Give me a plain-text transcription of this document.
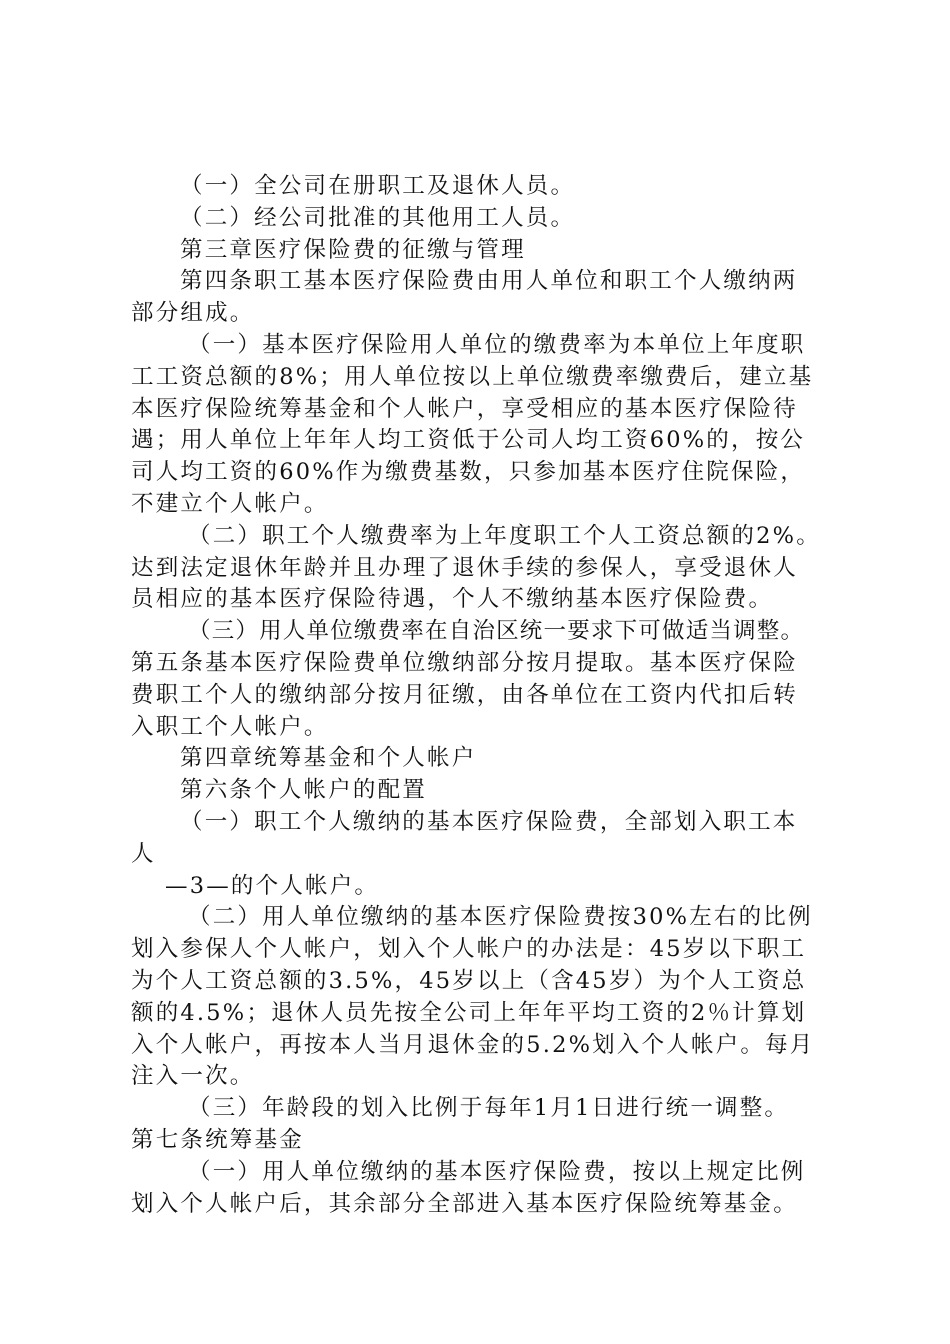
（一）全公司在册职工及退休人员。
（二）经公司批准的其他用工人员。
第三章医疗保险费的征缴与管理
第四条职工基本医疗保险费由用人单位和职工个人缴纳两
部分组成。
（一）基本医疗保险用人单位的缴费率为本单位上年度职
工工资总额的8%；用人单位按以上单位缴费率缴费后，建立基
本医疗保险统筹基金和个人帐户，享受相应的基本医疗保险待
遇；用人单位上年年人均工资低于公司人均工资60%的，按公
司人均工资的60%作为缴费基数，只参加基本医疗住院保险，
不建立个人帐户。
（二）职工个人缴费率为上年度职工个人工资总额的2%。
达到法定退休年龄并且办理了退休手续的参保人，享受退休人
员相应的基本医疗保险待遇，个人不缴纳基本医疗保险费。
（三）用人单位缴费率在自治区统一要求下可做适当调整。
第五条基本医疗保险费单位缴纳部分按月提取。基本医疗保险
费职工个人的缴纳部分按月征缴，由各单位在工资内代扣后转
入职工个人帐户。
第四章统筹基金和个人帐户
第六条个人帐户的配置
（一）职工个人缴纳的基本医疗保险费，全部划入职工本
人
—3—的个人帐户。
（二）用人单位缴纳的基本医疗保险费按30%左右的比例
划入参保人个人帐户，划入个人帐户的办法是：45岁以下职工
为个人工资总额的3.5%，45岁以上（含45岁）为个人工资总
额的4.5%；退休人员先按全公司上年年平均工资的2％计算划
入个人帐户，再按本人当月退休金的5.2%划入个人帐户。每月
注入一次。
（三）年龄段的划入比例于每年1月1日进行统一调整。
第七条统筹基金
（一）用人单位缴纳的基本医疗保险费，按以上规定比例
划入个人帐户后，其余部分全部进入基本医疗保险统筹基金。
